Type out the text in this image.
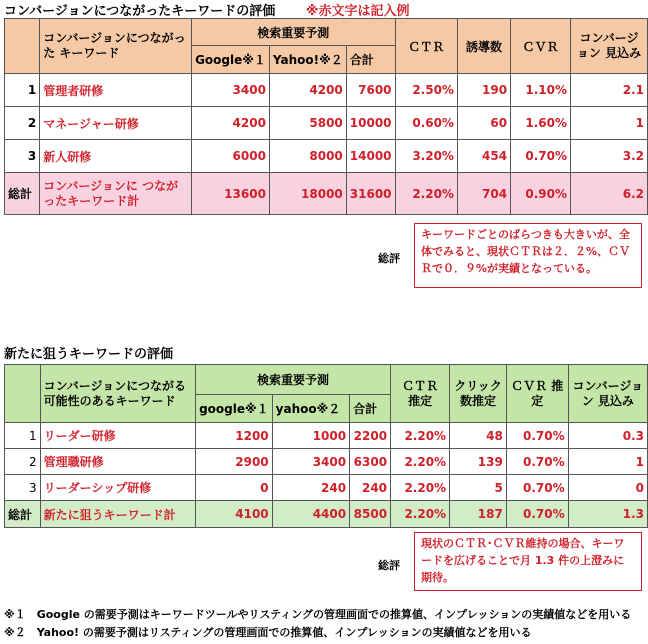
コンバージョンにつながったキーワードの評価 ※赤文字は記入例
	コンバージョンにつながった キーワード	検索重要予測			ＣＴＲ	誘導数	ＣＶＲ	コンバージョン 見込み
		Google※１	Yahoo!※２	合計				
1	管理者研修	3400	4200	7600	2.50%	190	1.10%	2.1
2	マネージャー研修	4200	5800	10000	0.60%	60	1.60%	1
3	新人研修	6000	8000	14000	3.20%	454	0.70%	3.2
総計	コンバージョンに つながったキーワード計	13600	18000	31600	2.20%	704	0.90%	6.2
総評
キーワードごとのばらつきも大きいが、全体でみると、現状ＣＴＲは２．２%、ＣＶＲで０．９%が実績となっている。
新たに狙うキーワードの評価
	コンバージョンにつながる 可能性のあるキーワード	検索重要予測			ＣＴＲ 推定	クリック 数推定	ＣＶＲ 推定	コンバージョン 見込み
		google※１	yahoo※２	合計				
1	リーダー研修	1200	1000	2200	2.20%	48	0.70%	0.3
2	管理職研修	2900	3400	6300	2.20%	139	0.70%	1
3	リーダーシップ研修	0	240	240	2.20%	5	0.70%	0
総計	新たに狙うキーワード計	4100	4400	8500	2.20%	187	0.70%	1.3
総評
現状のＣＴＲ･ＣＶＲ維持の場合、キーワードを広げることで月 1.3 件の上澄みに期待。
※１　Google の需要予測はキーワードツールやリスティングの管理画面での推算値、インプレッションの実績値などを用いる
※２　Yahoo! の需要予測はリスティングの管理画面での推算値、インプレッションの実績値などを用いる
